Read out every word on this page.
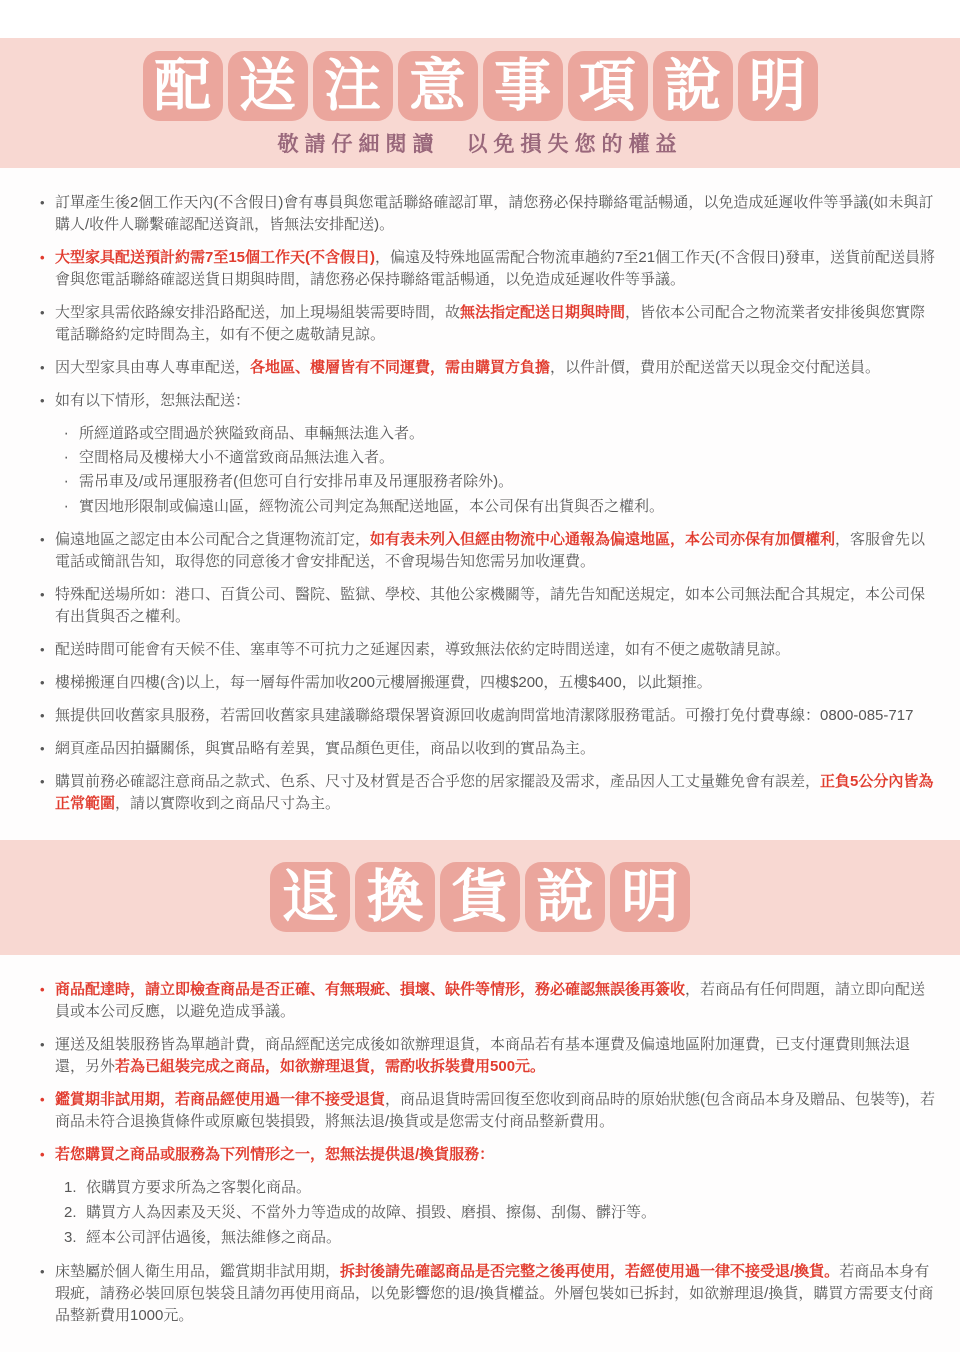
配 送 注 意 事 項 說 明
敬請仔細閱讀　以免損失您的權益
• 訂單產生後2個工作天內(不含假日)會有專員與您電話聯絡確認訂單，請您務必保持聯絡電話暢通，以免造成延遲收件等爭議(如未與訂購人/收件人聯繫確認配送資訊，皆無法安排配送)。
• 大型家具配送預計約需7至15個工作天(不含假日)，偏遠及特殊地區需配合物流車趟約7至21個工作天(不含假日)發車，送貨前配送員將會與您電話聯絡確認送貨日期與時間，請您務必保持聯絡電話暢通，以免造成延遲收件等爭議。
• 大型家具需依路線安排沿路配送，加上現場組裝需要時間，故無法指定配送日期與時間，皆依本公司配合之物流業者安排後與您實際電話聯絡約定時間為主，如有不便之處敬請見諒。
• 因大型家具由專人專車配送，各地區、樓層皆有不同運費，需由購買方負擔，以件計價，費用於配送當天以現金交付配送員。
• 如有以下情形，恕無法配送：
‧ 所經道路或空間過於狹隘致商品、車輛無法進入者。
‧ 空間格局及樓梯大小不適當致商品無法進入者。
‧ 需吊車及/或吊運服務者(但您可自行安排吊車及吊運服務者除外)。
‧ 實因地形限制或偏遠山區，經物流公司判定為無配送地區，本公司保有出貨與否之權利。
• 偏遠地區之認定由本公司配合之貨運物流訂定，如有表未列入但經由物流中心通報為偏遠地區，本公司亦保有加價權利，客服會先以電話或簡訊告知，取得您的同意後才會安排配送，不會現場告知您需另加收運費。
• 特殊配送場所如：港口、百貨公司、醫院、監獄、學校、其他公家機關等，請先告知配送規定，如本公司無法配合其規定，本公司保有出貨與否之權利。
• 配送時間可能會有天候不佳、塞車等不可抗力之延遲因素，導致無法依約定時間送達，如有不便之處敬請見諒。
• 樓梯搬運自四樓(含)以上，每一層每件需加收200元樓層搬運費，四樓$200，五樓$400，以此類推。
• 無提供回收舊家具服務，若需回收舊家具建議聯絡環保署資源回收處詢問當地清潔隊服務電話。可撥打免付費專線：0800-085-717
• 網頁產品因拍攝關係，與實品略有差異，實品顏色更佳，商品以收到的實品為主。
• 購買前務必確認注意商品之款式、色系、尺寸及材質是否合乎您的居家擺設及需求，產品因人工丈量難免會有誤差，正負5公分內皆為正常範圍，請以實際收到之商品尺寸為主。
退 換 貨 說 明
• 商品配達時，請立即檢查商品是否正確、有無瑕疵、損壞、缺件等情形，務必確認無誤後再簽收，若商品有任何問題，請立即向配送員或本公司反應，以避免造成爭議。
• 運送及組裝服務皆為單趟計費，商品經配送完成後如欲辦理退貨，本商品若有基本運費及偏遠地區附加運費，已支付運費則無法退還，另外若為已組裝完成之商品，如欲辦理退貨，需酌收拆裝費用500元。
• 鑑賞期非試用期，若商品經使用過一律不接受退貨，商品退貨時需回復至您收到商品時的原始狀態(包含商品本身及贈品、包裝等)，若商品未符合退換貨條件或原廠包裝損毀，將無法退/換貨或是您需支付商品整新費用。
• 若您購買之商品或服務為下列情形之一，恕無法提供退/換貨服務：
1. 依購買方要求所為之客製化商品。
2. 購買方人為因素及天災、不當外力等造成的故障、損毀、磨損、擦傷、刮傷、髒汙等。
3. 經本公司評估過後，無法維修之商品。
• 床墊屬於個人衛生用品，鑑賞期非試用期，拆封後請先確認商品是否完整之後再使用，若經使用過一律不接受退/換貨。若商品本身有瑕疵，請務必裝回原包裝袋且請勿再使用商品，以免影響您的退/換貨權益。外層包裝如已拆封，如欲辦理退/換貨，購買方需要支付商品整新費用1000元。
